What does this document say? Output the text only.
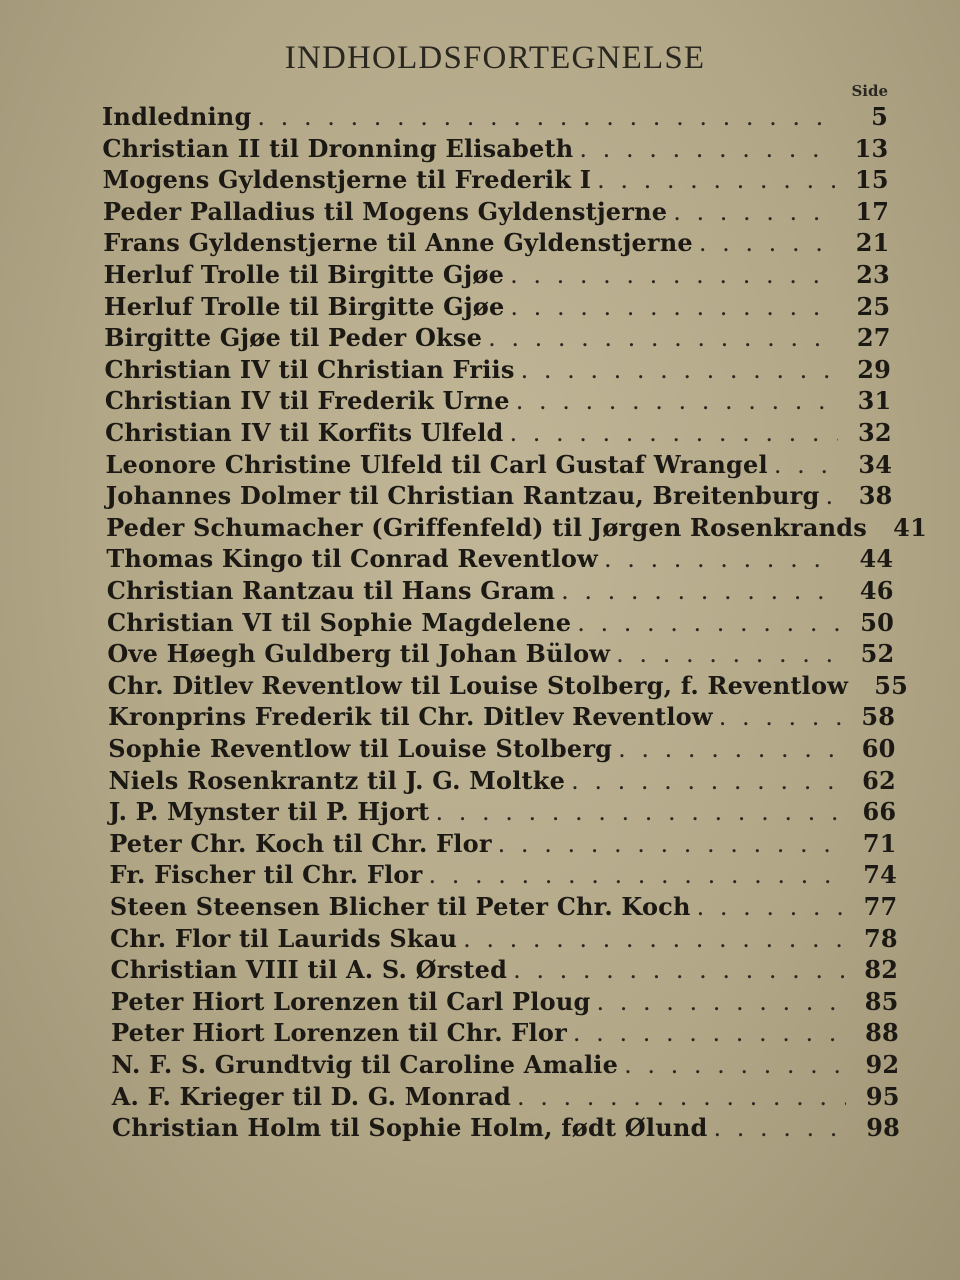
INDHOLDSFORTEGNELSE
Side
Indledning . . .	5
Christian II til Dronning Elisabeth . . .	13
Mogens Gyldenstjerne til Frederik I . . .	15
Peder Palladius til Mogens Gyldenstjerne . . .	17
Frans Gyldenstjerne til Anne Gyldenstjerne . . .	21
Herluf Trolle til Birgitte Gjøe . . .	23
Herluf Trolle til Birgitte Gjøe . . .	25
Birgitte Gjøe til Peder Okse . . .	27
Christian IV til Christian Friis . . .	29
Christian IV til Frederik Urne . . .	31
Christian IV til Korfits Ulfeld . . .	32
Leonore Christine Ulfeld til Carl Gustaf Wrangel . . .	34
Johannes Dolmer til Christian Rantzau, Breitenburg . . .	38
Peder Schumacher (Griffenfeld) til Jørgen Rosenkrands	41
Thomas Kingo til Conrad Reventlow . . .	44
Christian Rantzau til Hans Gram . . .	46
Christian VI til Sophie Magdelene . . .	50
Ove Høegh Guldberg til Johan Bülow . . .	52
Chr. Ditlev Reventlow til Louise Stolberg, f. Reventlow	55
Kronprins Frederik til Chr. Ditlev Reventlow . . .	58
Sophie Reventlow til Louise Stolberg . . .	60
Niels Rosenkrantz til J. G. Moltke . . .	62
J. P. Mynster til P. Hjort . . .	66
Peter Chr. Koch til Chr. Flor . . .	71
Fr. Fischer til Chr. Flor . . .	74
Steen Steensen Blicher til Peter Chr. Koch . . .	77
Chr. Flor til Laurids Skau . . .	78
Christian VIII til A. S. Ørsted . . .	82
Peter Hiort Lorenzen til Carl Ploug . . .	85
Peter Hiort Lorenzen til Chr. Flor . . .	88
N. F. S. Grundtvig til Caroline Amalie . . .	92
A. F. Krieger til D. G. Monrad . . .	95
Christian Holm til Sophie Holm, født Ølund . . .	98
